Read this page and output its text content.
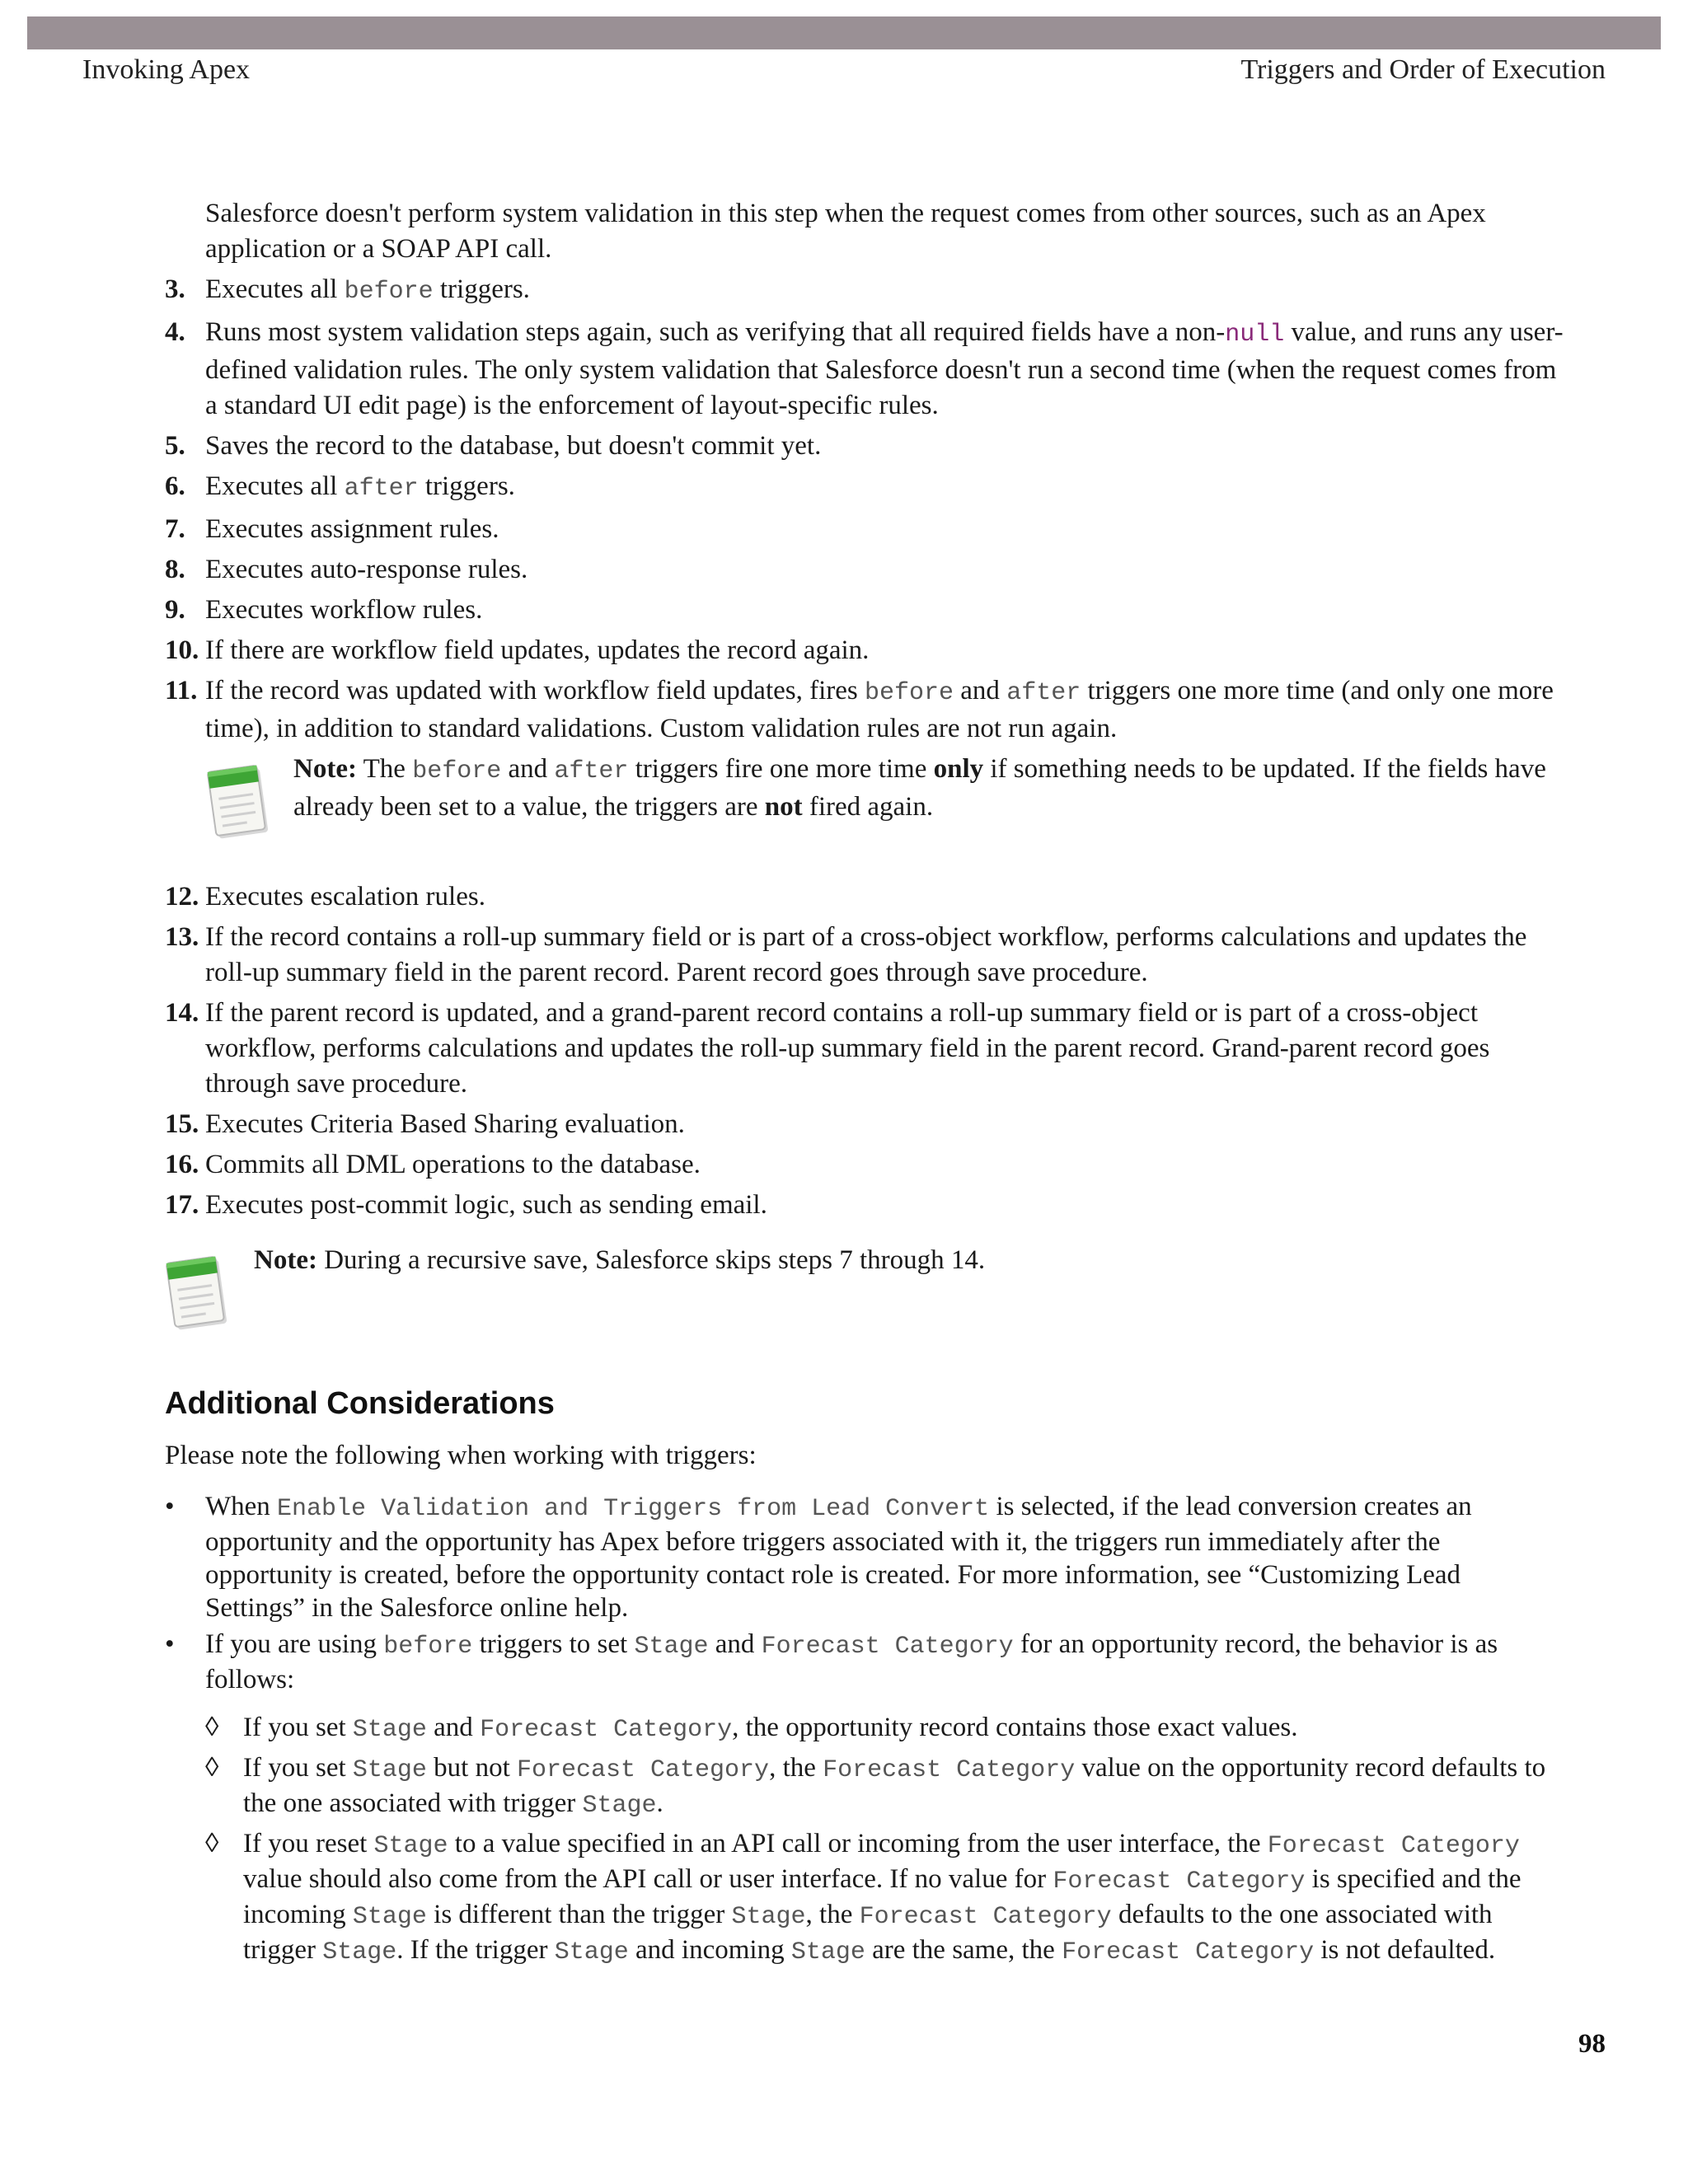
Invoking Apex	Triggers and Order of Execution

Salesforce doesn't perform system validation in this step when the request comes from other sources, such as an Apex application or a SOAP API call.

3. Executes all before triggers.
4. Runs most system validation steps again, such as verifying that all required fields have a non-null value, and runs any user-defined validation rules. The only system validation that Salesforce doesn't run a second time (when the request comes from a standard UI edit page) is the enforcement of layout-specific rules.
5. Saves the record to the database, but doesn't commit yet.
6. Executes all after triggers.
7. Executes assignment rules.
8. Executes auto-response rules.
9. Executes workflow rules.
10. If there are workflow field updates, updates the record again.
11. If the record was updated with workflow field updates, fires before and after triggers one more time (and only one more time), in addition to standard validations. Custom validation rules are not run again.
Note: The before and after triggers fire one more time only if something needs to be updated. If the fields have already been set to a value, the triggers are not fired again.
12. Executes escalation rules.
13. If the record contains a roll-up summary field or is part of a cross-object workflow, performs calculations and updates the roll-up summary field in the parent record. Parent record goes through save procedure.
14. If the parent record is updated, and a grand-parent record contains a roll-up summary field or is part of a cross-object workflow, performs calculations and updates the roll-up summary field in the parent record. Grand-parent record goes through save procedure.
15. Executes Criteria Based Sharing evaluation.
16. Commits all DML operations to the database.
17. Executes post-commit logic, such as sending email.
Note: During a recursive save, Salesforce skips steps 7 through 14.
Additional Considerations

Please note the following when working with triggers:

•	When Enable Validation and Triggers from Lead Convert is selected, if the lead conversion creates an opportunity and the opportunity has Apex before triggers associated with it, the triggers run immediately after the opportunity is created, before the opportunity contact role is created. For more information, see “Customizing Lead Settings” in the Salesforce online help.
•	If you are using before triggers to set Stage and Forecast Category for an opportunity record, the behavior is as follows:
◊ If you set Stage and Forecast Category, the opportunity record contains those exact values.
◊ If you set Stage but not Forecast Category, the Forecast Category value on the opportunity record defaults to the one associated with trigger Stage.
◊ If you reset Stage to a value specified in an API call or incoming from the user interface, the Forecast Category value should also come from the API call or user interface. If no value for Forecast Category is specified and the incoming Stage is different than the trigger Stage, the Forecast Category defaults to the one associated with trigger Stage. If the trigger Stage and incoming Stage are the same, the Forecast Category is not defaulted.
98
